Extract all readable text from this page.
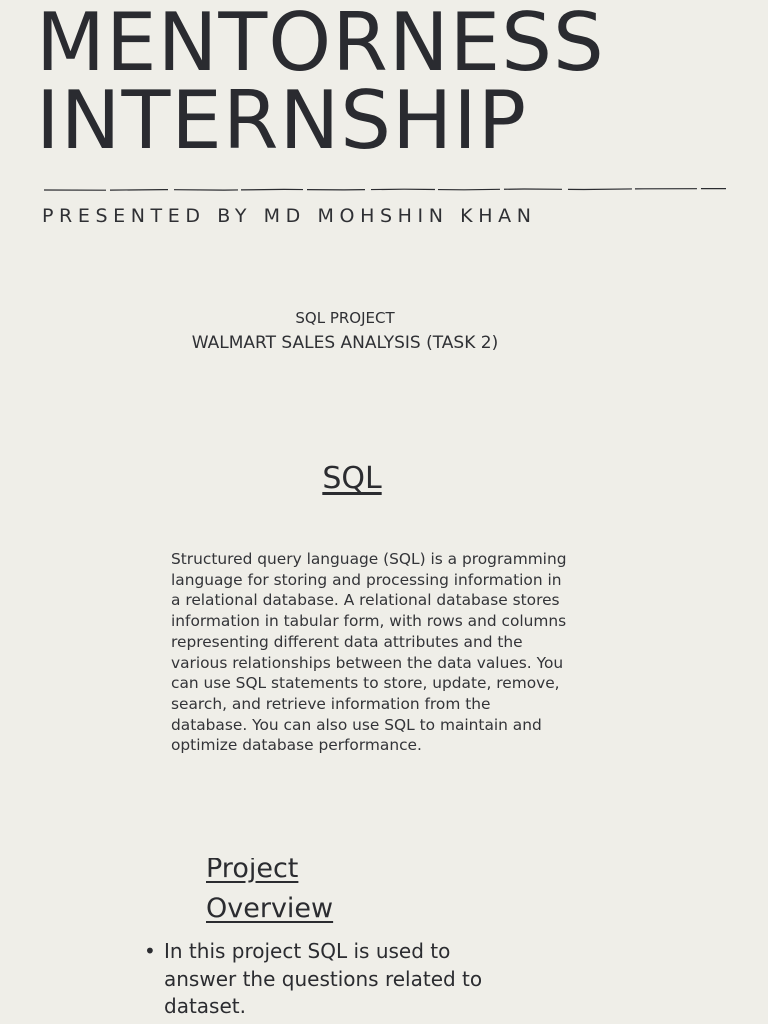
MENTORNESS
INTERNSHIP
PRESENTED BY MD MOHSHIN KHAN
SQL PROJECT
WALMART SALES ANALYSIS (TASK 2)
SQL
Structured query language (SQL) is a programming language for storing and processing information in a relational database. A relational database stores information in tabular form, with rows and columns representing different data attributes and the various relationships between the data values. You can use SQL statements to store, update, remove, search, and retrieve information from the database. You can also use SQL to maintain and optimize database performance.
Project
Overview
• In this project SQL is used to answer the questions related to dataset.
